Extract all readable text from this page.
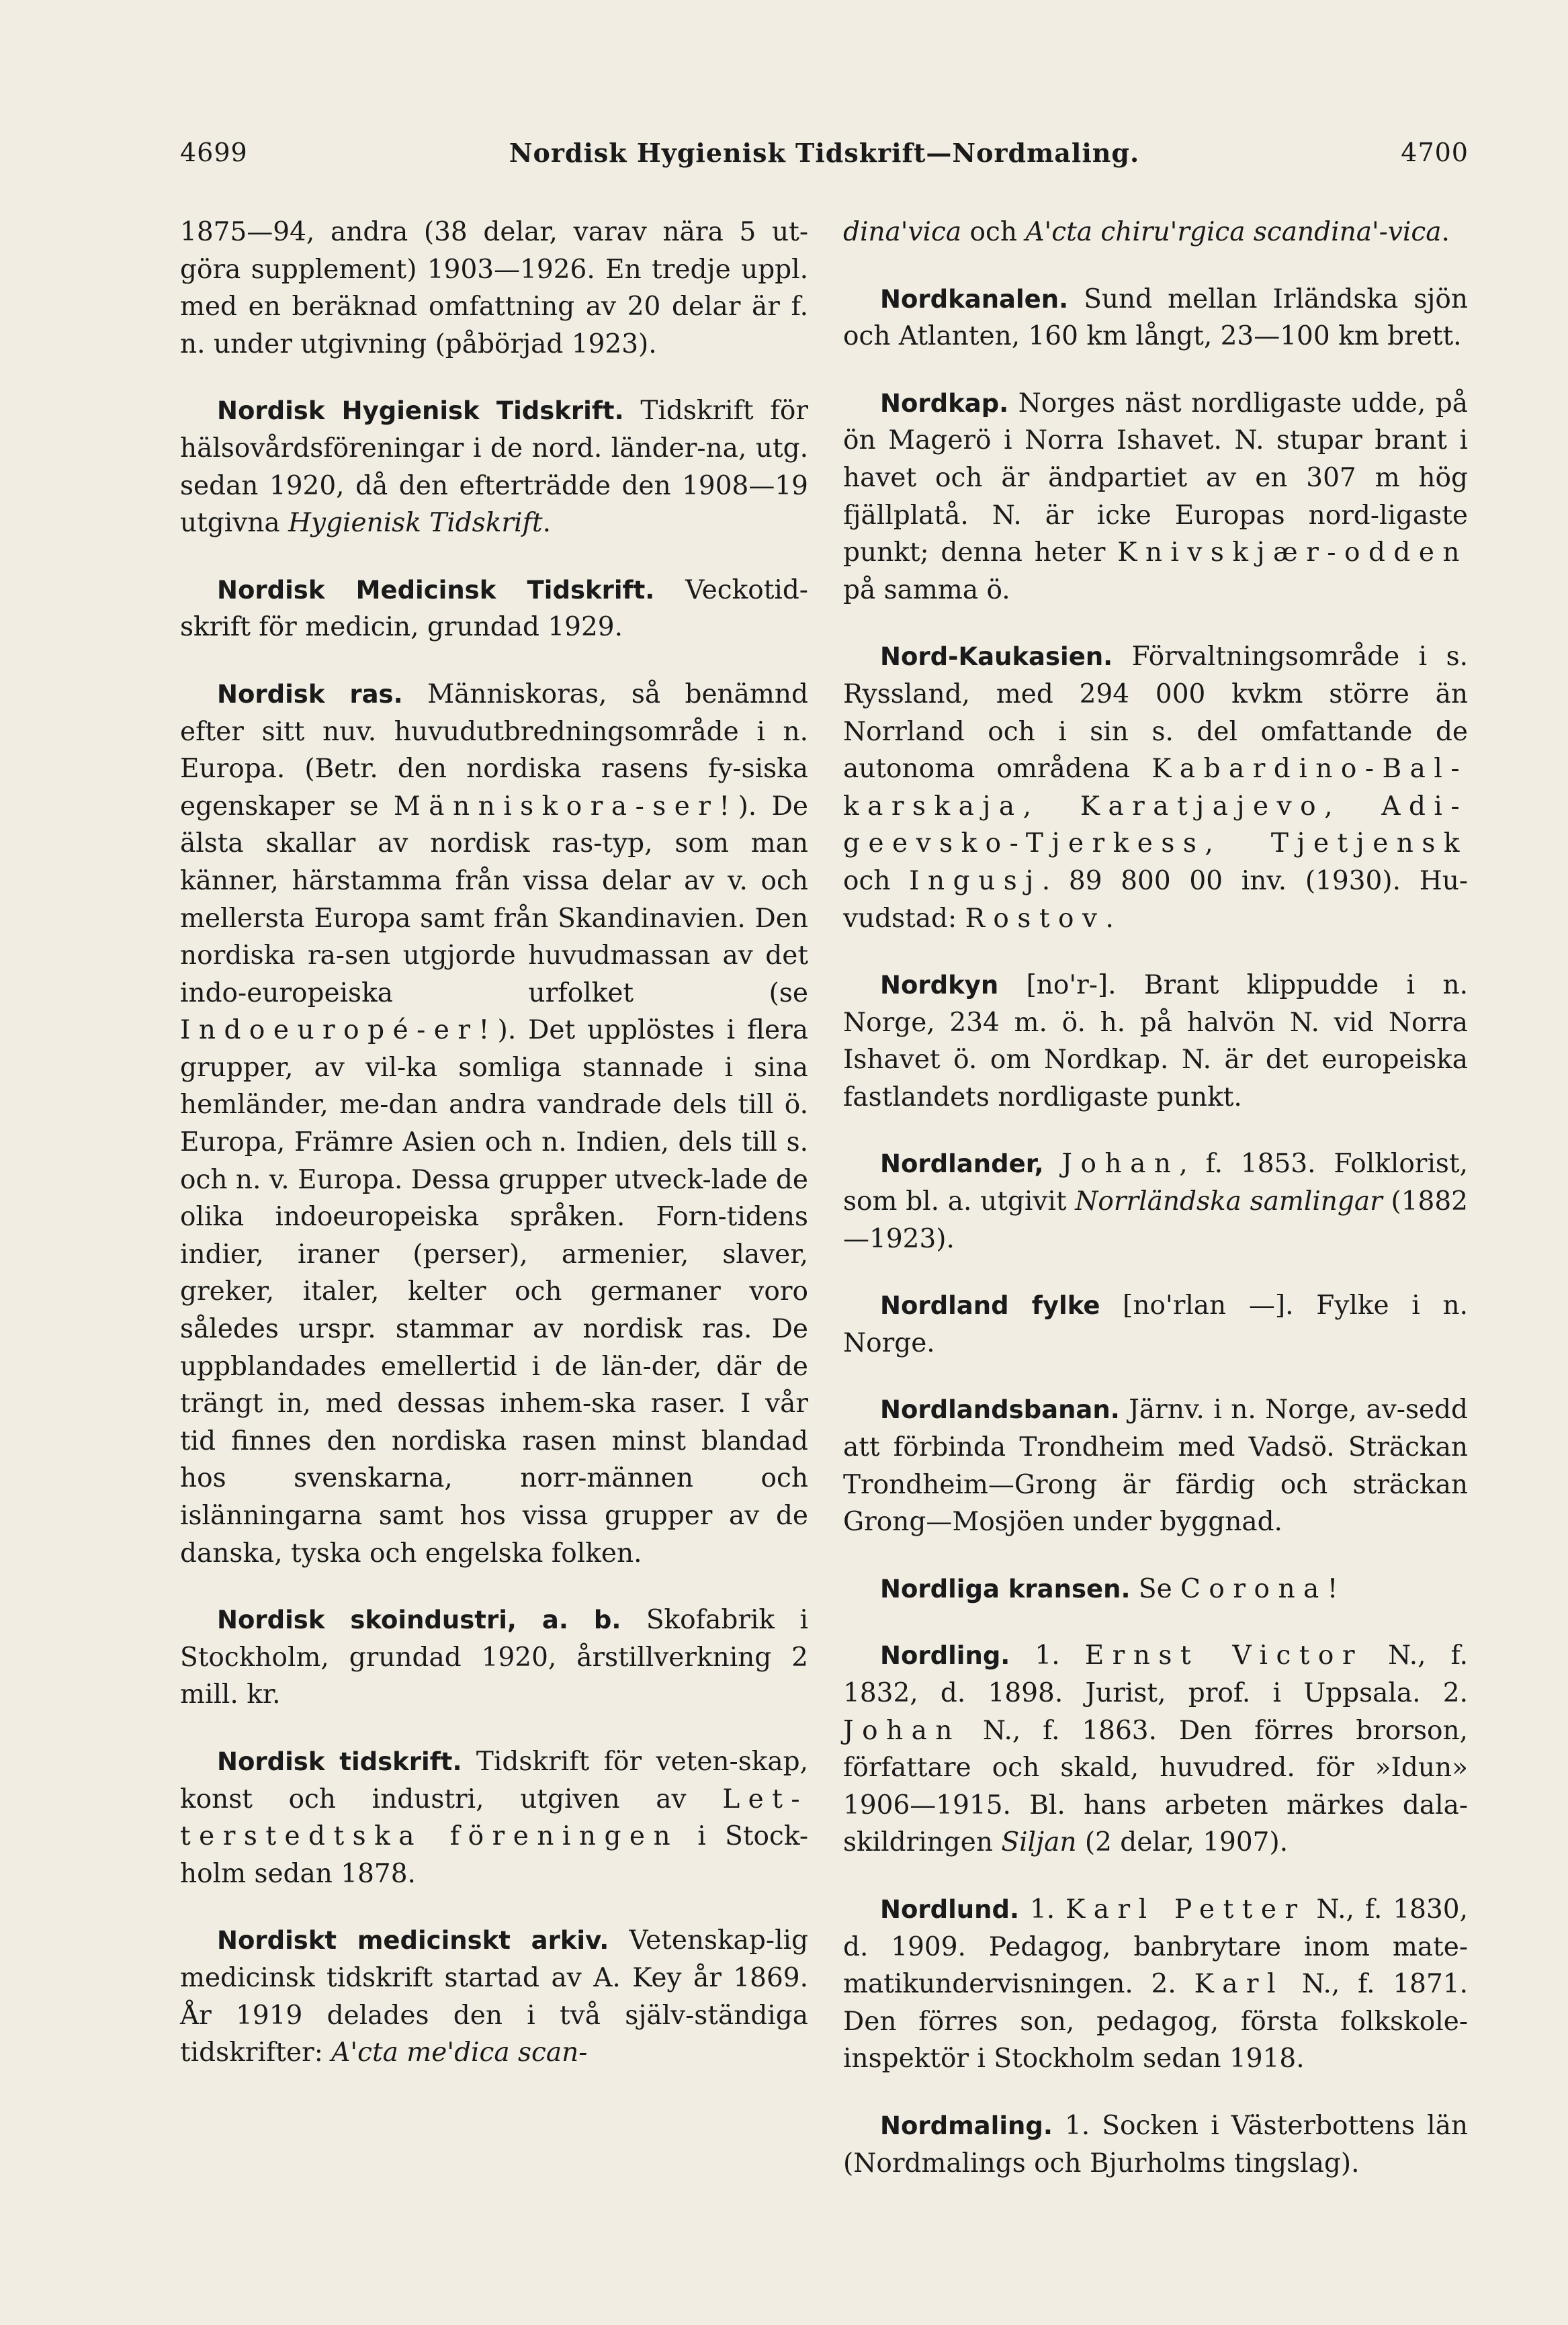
4699	Nordisk Hygienisk Tidskrift—Nordmaling.	4700

1875—94, andra (38 delar, varav nära 5 ut-göra supplement) 1903—1926. En tredje uppl. med en beräknad omfattning av 20 delar är f. n. under utgivning (påbörjad 1923).

Nordisk Hygienisk Tidskrift. Tidskrift för hälsovårdsföreningar i de nord. länder-na, utg. sedan 1920, då den efterträdde den 1908—19 utgivna Hygienisk Tidskrift.

Nordisk Medicinsk Tidskrift. Veckotid-skrift för medicin, grundad 1929.

Nordisk ras. Människoras, så benämnd efter sitt nuv. huvudutbredningsområde i n. Europa. (Betr. den nordiska rasens fy-siska egenskaper se Människora-ser!). De älsta skallar av nordisk ras-typ, som man känner, härstamma från vissa delar av v. och mellersta Europa samt från Skandinavien. Den nordiska ra-sen utgjorde huvudmassan av det indo-europeiska urfolket (se Indoeuropé-er!). Det upplöstes i flera grupper, av vil-ka somliga stannade i sina hemländer, me-dan andra vandrade dels till ö. Europa, Främre Asien och n. Indien, dels till s. och n. v. Europa. Dessa grupper utveck-lade de olika indoeuropeiska språken. Forn-tidens indier, iraner (perser), armenier, slaver, greker, italer, kelter och germaner voro således urspr. stammar av nordisk ras. De uppblandades emellertid i de län-der, där de trängt in, med dessas inhem-ska raser. I vår tid finnes den nordiska rasen minst blandad hos svenskarna, norr-männen och islänningarna samt hos vissa grupper av de danska, tyska och engelska folken.

Nordisk skoindustri, a. b. Skofabrik i Stockholm, grundad 1920, årstillverkning 2 mill. kr.

Nordisk tidskrift. Tidskrift för veten-skap, konst och industri, utgiven av Let-terstedtska föreningen i Stock-holm sedan 1878.

Nordiskt medicinskt arkiv. Vetenskap-lig medicinsk tidskrift startad av A. Key år 1869. År 1919 delades den i två själv-ständiga tidskrifter: A'cta me'dica scan-

dina'vica och A'cta chiru'rgica scandina'-vica.

Nordkanalen. Sund mellan Irländska sjön och Atlanten, 160 km långt, 23—100 km brett.

Nordkap. Norges näst nordligaste udde, på ön Magerö i Norra Ishavet. N. stupar brant i havet och är ändpartiet av en 307 m hög fjällplatå. N. är icke Europas nord-ligaste punkt; denna heter Knivskjær-odden på samma ö.

Nord-Kaukasien. Förvaltningsområde i s. Ryssland, med 294 000 kvkm större än Norrland och i sin s. del omfattande de autonoma områdena Kabardino-Bal-karskaja, Karatjajevo, Adi-geevsko-Tjerkess, Tjetjensk och Ingusj. 89 800 00 inv. (1930). Hu-vudstad: Rostov.

Nordkyn [no'r-]. Brant klippudde i n. Norge, 234 m. ö. h. på halvön N. vid Norra Ishavet ö. om Nordkap. N. är det europeiska fastlandets nordligaste punkt.

Nordlander, Johan, f. 1853. Folklorist, som bl. a. utgivit Norrländska samlingar (1882—1923).

Nordland fylke [no'rlan —]. Fylke i n. Norge.

Nordlandsbanan. Järnv. i n. Norge, av-sedd att förbinda Trondheim med Vadsö. Sträckan Trondheim—Grong är färdig och sträckan Grong—Mosjöen under byggnad.

Nordliga kransen. Se Corona!

Nordling. 1. Ernst Victor N., f. 1832, d. 1898. Jurist, prof. i Uppsala. 2. Johan N., f. 1863. Den förres brorson, författare och skald, huvudred. för »Idun» 1906—1915. Bl. hans arbeten märkes dala-skildringen Siljan (2 delar, 1907).

Nordlund. 1. Karl Petter N., f. 1830, d. 1909. Pedagog, banbrytare inom mate-matikundervisningen. 2. Karl N., f. 1871. Den förres son, pedagog, första folkskole-inspektör i Stockholm sedan 1918.

Nordmaling. 1. Socken i Västerbottens län (Nordmalings och Bjurholms tingslag).
